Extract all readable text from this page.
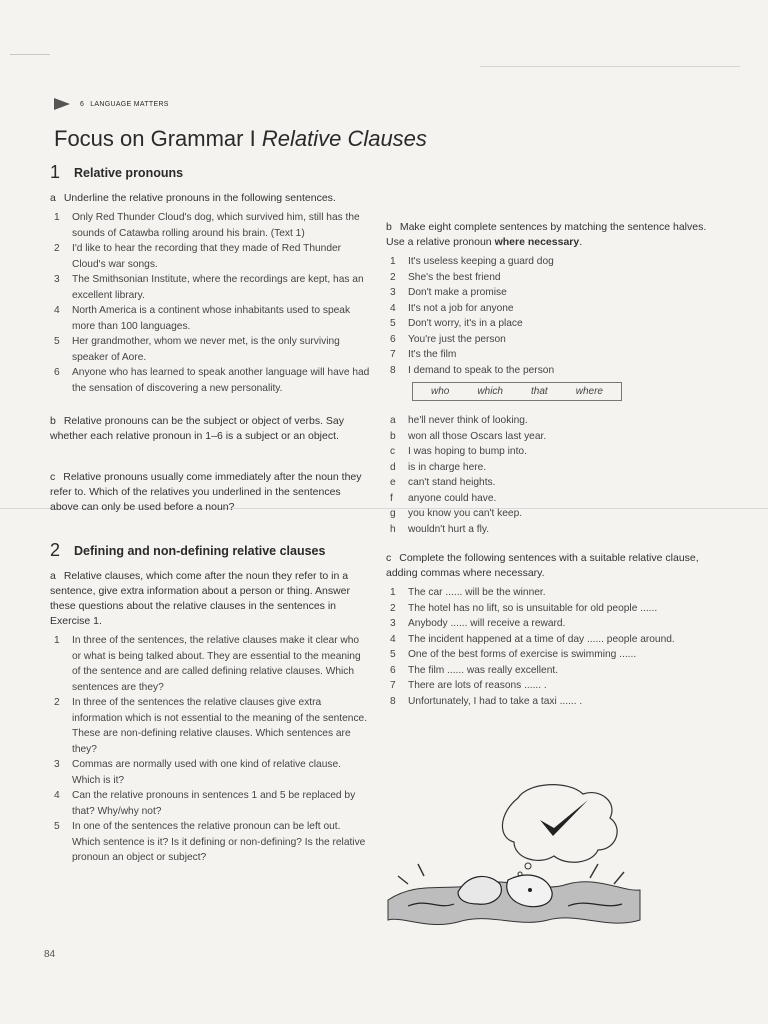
6 LANGUAGE MATTERS
Focus on Grammar I Relative Clauses
1 Relative pronouns

a Underline the relative pronouns in the following sentences.

1	Only Red Thunder Cloud's dog, which survived him, still has the sounds of Catawba rolling around his brain. (Text 1)
2	I'd like to hear the recording that they made of Red Thunder Cloud's war songs.
3	The Smithsonian Institute, where the recordings are kept, has an excellent library.
4	North America is a continent whose inhabitants used to speak more than 100 languages.
5	Her grandmother, whom we never met, is the only surviving speaker of Aore.
6	Anyone who has learned to speak another language will have had the sensation of discovering a new personality.

b Relative pronouns can be the subject or object of verbs. Say whether each relative pronoun in 1–6 is a subject or an object.

c Relative pronouns usually come immediately after the noun they refer to. Which of the relatives you underlined in the sentences above can only be used before a noun?

2 Defining and non-defining relative clauses

a Relative clauses, which come after the noun they refer to in a sentence, give extra information about a person or thing. Answer these questions about the relative clauses in the sentences in Exercise 1.

1	In three of the sentences, the relative clauses make it clear who or what is being talked about. They are essential to the meaning of the sentence and are called defining relative clauses. Which sentences are they?
2	In three of the sentences the relative clauses give extra information which is not essential to the meaning of the sentence. These are non-defining relative clauses. Which sentences are they?
3	Commas are normally used with one kind of relative clause. Which is it?
4	Can the relative pronouns in sentences 1 and 5 be replaced by that? Why/why not?
5	In one of the sentences the relative pronoun can be left out. Which sentence is it? Is it defining or non-defining? Is the relative pronoun an object or subject?

b Make eight complete sentences by matching the sentence halves. Use a relative pronoun where necessary.

1	It's useless keeping a guard dog
2	She's the best friend
3	Don't make a promise
4	It's not a job for anyone
5	Don't worry, it's in a place
6	You're just the person
7	It's the film
8	I demand to speak to the person
who	which	that	where
a	he'll never think of looking.
b	won all those Oscars last year.
c	I was hoping to bump into.
d	is in charge here.
e	can't stand heights.
f	anyone could have.
g	you know you can't keep.
h	wouldn't hurt a fly.

c Complete the following sentences with a suitable relative clause, adding commas where necessary.

1	The car ...... will be the winner.
2	The hotel has no lift, so is unsuitable for old people ......
3	Anybody ...... will receive a reward.
4	The incident happened at a time of day ...... people around.
5	One of the best forms of exercise is swimming ......
6	The film ...... was really excellent.
7	There are lots of reasons ...... .
8	Unfortunately, I had to take a taxi ...... .
84
